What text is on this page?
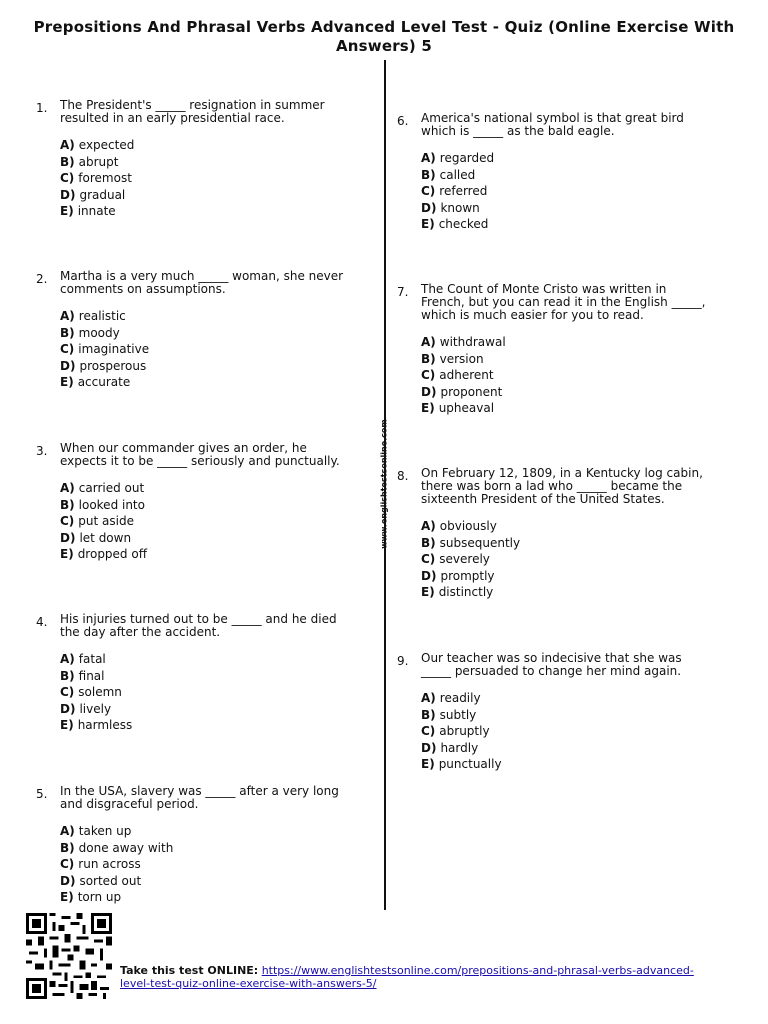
Prepositions And Phrasal Verbs Advanced Level Test - Quiz (Online Exercise With Answers) 5
www.englishtestsonline.com
1. The President's _____ resignation in summer resulted in an early presidential race.
A) expected
B) abrupt
C) foremost
D) gradual
E) innate
2. Martha is a very much _____ woman, she never comments on assumptions.
A) realistic
B) moody
C) imaginative
D) prosperous
E) accurate
3. When our commander gives an order, he expects it to be _____ seriously and punctually.
A) carried out
B) looked into
C) put aside
D) let down
E) dropped off
4. His injuries turned out to be _____ and he died the day after the accident.
A) fatal
B) final
C) solemn
D) lively
E) harmless
5. In the USA, slavery was _____ after a very long and disgraceful period.
A) taken up
B) done away with
C) run across
D) sorted out
E) torn up
6. America's national symbol is that great bird which is _____ as the bald eagle.
A) regarded
B) called
C) referred
D) known
E) checked
7. The Count of Monte Cristo was written in French, but you can read it in the English _____, which is much easier for you to read.
A) withdrawal
B) version
C) adherent
D) proponent
E) upheaval
8. On February 12, 1809, in a Kentucky log cabin, there was born a lad who _____ became the sixteenth President of the United States.
A) obviously
B) subsequently
C) severely
D) promptly
E) distinctly
9. Our teacher was so indecisive that she was _____ persuaded to change her mind again.
A) readily
B) subtly
C) abruptly
D) hardly
E) punctually
Take this test ONLINE: https://www.englishtestsonline.com/prepositions-and-phrasal-verbs-advanced-level-test-quiz-online-exercise-with-answers-5/
